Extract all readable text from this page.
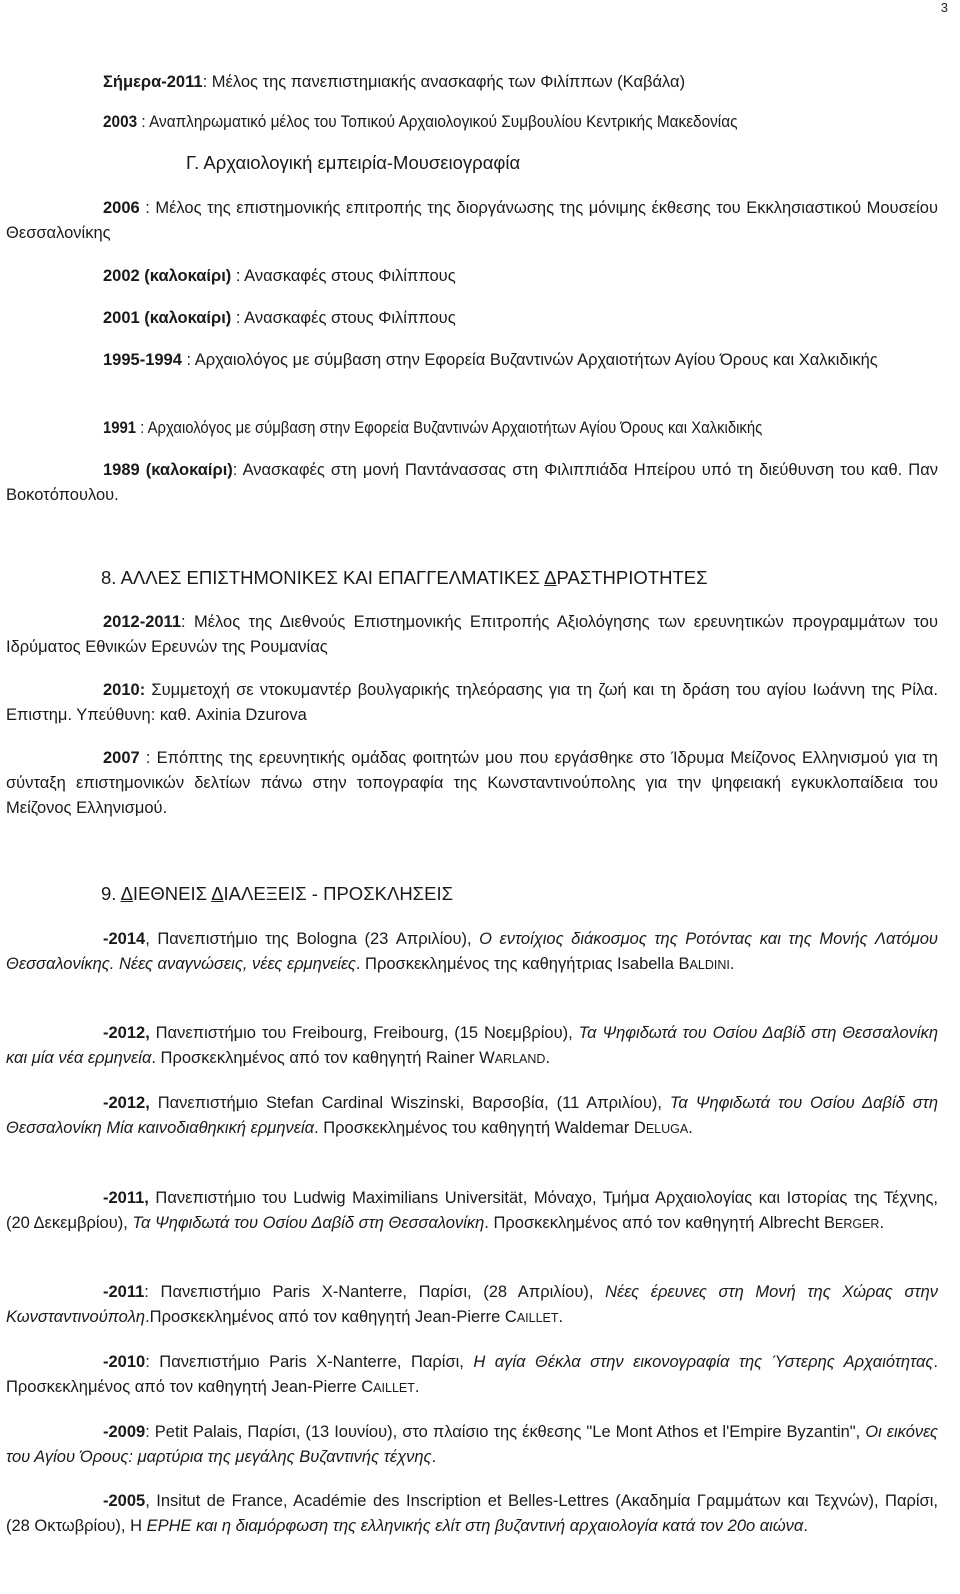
3
Σήμερα-2011: Μέλος της πανεπιστημιακής ανασκαφής των Φιλίππων (Καβάλα)
2003 : Αναπληρωματικό μέλος του Τοπικού Αρχαιολογικού Συμβουλίου Κεντρικής Μακεδονίας
Γ. Αρχαιολογική εμπειρία-Μουσειογραφία
2006 : Μέλος της επιστημονικής επιτροπής της διοργάνωσης της μόνιμης έκθεσης του Εκκλησιαστικού Μουσείου Θεσσαλονίκης
2002 (καλοκαίρι) : Ανασκαφές στους Φιλίππους
2001 (καλοκαίρι) : Ανασκαφές στους Φιλίππους
1995-1994 : Αρχαιολόγος με σύμβαση στην Εφορεία Βυζαντινών Αρχαιοτήτων Αγίου Όρους και Χαλκιδικής
1991 : Αρχαιολόγος με σύμβαση στην Εφορεία Βυζαντινών Αρχαιοτήτων Αγίου Όρους και Χαλκιδικής
1989 (καλοκαίρι): Ανασκαφές στη μονή Παντάνασσας στη Φιλιππιάδα Ηπείρου υπό τη διεύθυνση του καθ. Παν Βοκοτόπουλου.
8. ΑΛΛΕΣ ΕΠΙΣΤΗΜΟΝΙΚΕΣ ΚΑΙ ΕΠΑΓΓΕΛΜΑΤΙΚΕΣ ΔΡΑΣΤΗΡΙΟΤΗΤΕΣ
2012-2011: Μέλος της Διεθνούς Επιστημονικής Επιτροπής Αξιολόγησης των ερευνητικών προγραμμάτων του Ιδρύματος Εθνικών Ερευνών της Ρουμανίας
2010: Συμμετοχή σε ντοκυμαντέρ βουλγαρικής τηλεόρασης για τη ζωή και τη δράση του αγίου Ιωάννη της Ρίλα. Επιστημ. Υπεύθυνη: καθ. Axinia Dzurova
2007 : Επόπτης της ερευνητικής ομάδας φοιτητών μου που εργάσθηκε στο Ίδρυμα Μείζονος Ελληνισμού για τη σύνταξη επιστημονικών δελτίων πάνω στην τοπογραφία της Κωνσταντινούπολης για την ψηφειακή εγκυκλοπαίδεια του Μείζονος Ελληνισμού.
9. ΔΙΕΘΝΕΙΣ ΔΙΑΛΕΞΕΙΣ - ΠΡΟΣΚΛΗΣΕΙΣ
-2014, Πανεπιστήμιο της Bologna (23 Απριλίου), Ο εντοίχιος διάκοσμος της Ροτόντας και της Μονής Λατόμου Θεσσαλονίκης. Νέες αναγνώσεις, νέες ερμηνείες. Προσκεκλημένος της καθηγήτριας Isabella BALDINI.
-2012, Πανεπιστήμιο του Freibourg, Freibourg, (15 Νοεμβρίου), Τα Ψηφιδωτά του Οσίου Δαβίδ στη Θεσσαλονίκη και μία νέα ερμηνεία. Προσκεκλημένος από τον καθηγητή Rainer WARLAND.
-2012, Πανεπιστήμιο Stefan Cardinal Wiszinski, Βαρσοβία, (11 Απριλίου), Τα Ψηφιδωτά του Οσίου Δαβίδ στη Θεσσαλονίκη Μία καινοδιαθηκική ερμηνεία. Προσκεκλημένος του καθηγητή Waldemar DELUGA.
-2011, Πανεπιστήμιο του Ludwig Maximilians Universität, Μόναχο, Τμήμα Αρχαιολογίας και Ιστορίας της Τέχνης, (20 Δεκεμβρίου), Τα Ψηφιδωτά του Οσίου Δαβίδ στη Θεσσαλονίκη. Προσκεκλημένος από τον καθηγητή Albrecht BERGER.
-2011: Πανεπιστήμιο Paris X-Nanterre, Παρίσι, (28 Απριλίου), Νέες έρευνες στη Μονή της Χώρας στην Κωνσταντινούπολη.Προσκεκλημένος από τον καθηγητή Jean-Pierre CAILLET.
-2010: Πανεπιστήμιο Paris X-Nanterre, Παρίσι, Η αγία Θέκλα στην εικονογραφία της Ύστερης Αρχαιότητας. Προσκεκλημένος από τον καθηγητή Jean-Pierre CAILLET.
-2009: Petit Palais, Παρίσι, (13 Ιουνίου), στο πλαίσιο της έκθεσης "Le Mont Athos et l'Empire Byzantin", Οι εικόνες του Αγίου Όρους: μαρτύρια της μεγάλης Βυζαντινής τέχνης.
-2005, Insitut de France, Académie des Inscription et Belles-Lettres (Ακαδημία Γραμμάτων και Τεχνών), Παρίσι, (28 Οκτωβρίου), Η ΕΡΗΕ και η διαμόρφωση της ελληνικής ελίτ στη βυζαντινή αρχαιολογία κατά τον 20ο αιώνα.
